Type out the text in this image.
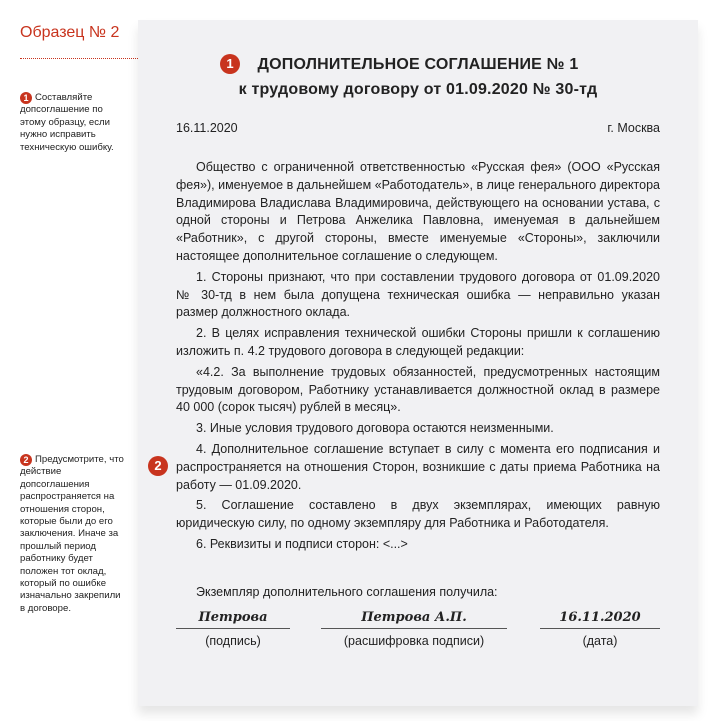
Образец № 2
1 Составляйте допсоглашение по этому образцу, если нужно исправить техническую ошибку.
2 Предусмотрите, что действие допсоглашения распространяется на отношения сторон, которые были до его заключения. Иначе за прошлый период работнику будет положен тот оклад, который по ошибке изначально закрепили в договоре.
1	ДОПОЛНИТЕЛЬНОЕ СОГЛАШЕНИЕ № 1
к трудовому договору от 01.09.2020 № 30-тд
16.11.2020	г. Москва

Общество с ограниченной ответственностью «Русская фея» (ООО «Русская фея»), именуемое в дальнейшем «Работодатель», в лице генерального директора Владимирова Владислава Владимировича, действующего на основании устава, с одной стороны и Петрова Анжелика Павловна, именуемая в дальнейшем «Работник», с другой стороны, вместе именуемые «Стороны», заключили настоящее дополнительное соглашение о следующем.

1. Стороны признают, что при составлении трудового договора от 01.09.2020 № 30-тд в нем была допущена техническая ошибка — неправильно указан размер должностного оклада.

2. В целях исправления технической ошибки Стороны пришли к соглашению изложить п. 4.2 трудового договора в следующей редакции:

«4.2. За выполнение трудовых обязанностей, предусмотренных настоящим трудовым договором, Работнику устанавливается должностной оклад в размере 40 000 (сорок тысяч) рублей в месяц».

3. Иные условия трудового договора остаются неизменными.

4. Дополнительное соглашение вступает в силу с момента его подписания и распространяется на отношения Сторон, возникшие с даты приема Работника на работу — 01.09.2020.

5. Соглашение составлено в двух экземплярах, имеющих равную юридическую силу, по одному экземпляру для Работника и Работодателя.

6. Реквизиты и подписи сторон: <...>

2
Экземпляр дополнительного соглашения получила:
Петрова
(подпись)
Петрова А.П.
(расшифровка подписи)
16.11.2020
(дата)
